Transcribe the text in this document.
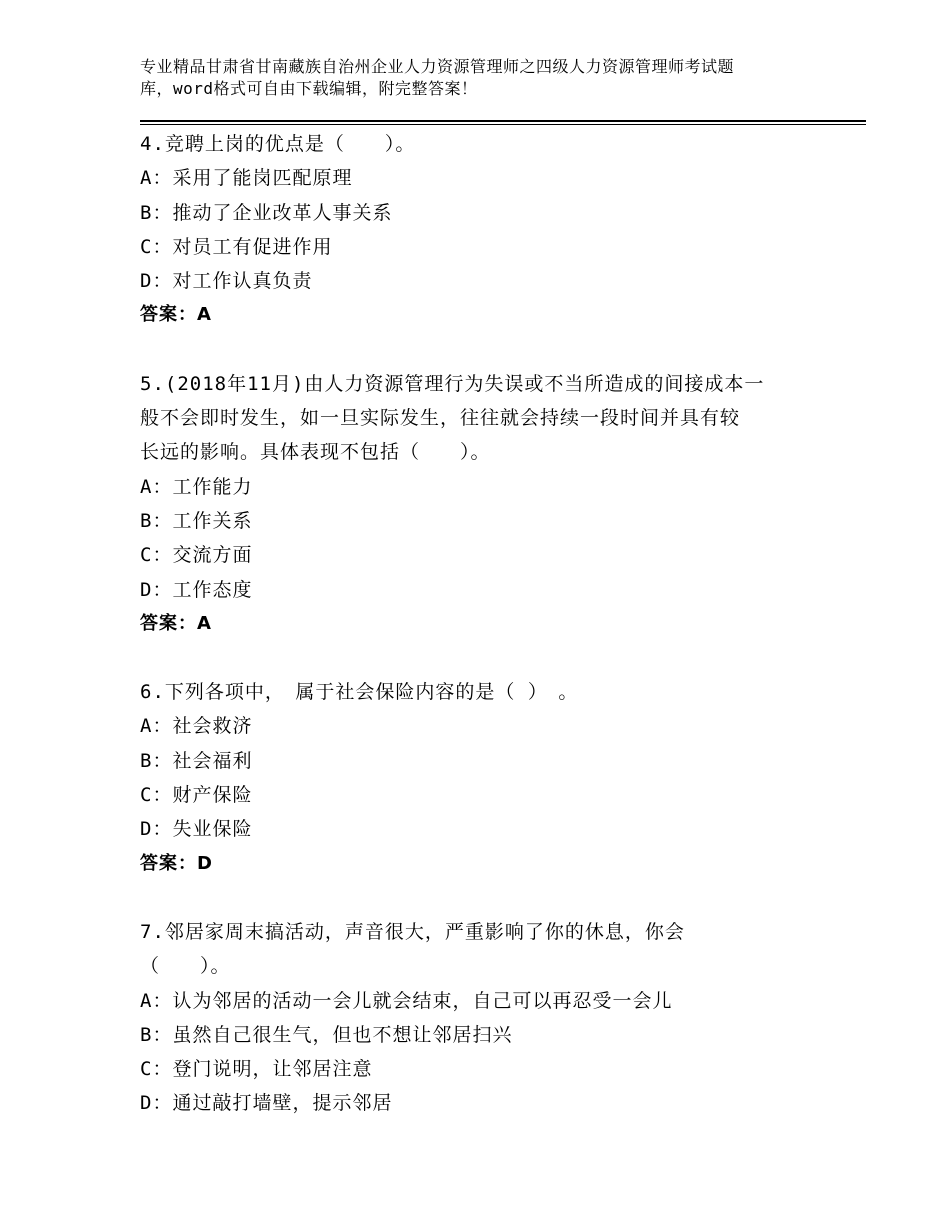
专业精品甘肃省甘南藏族自治州企业人力资源管理师之四级人力资源管理师考试题
库，word格式可自由下载编辑，附完整答案！
4.竞聘上岗的优点是（　　）。
A：采用了能岗匹配原理
B：推动了企业改革人事关系
C：对员工有促进作用
D：对工作认真负责
答案：A
5.(2018年11月)由人力资源管理行为失误或不当所造成的间接成本一
般不会即时发生，如一旦实际发生，往往就会持续一段时间并具有较
长远的影响。具体表现不包括（　　）。
A：工作能力
B：工作关系
C：交流方面
D：工作态度
答案：A
6.下列各项中，　属于社会保险内容的是（ ）　。
A：社会救济
B：社会福利
C：财产保险
D：失业保险
答案：D
7.邻居家周末搞活动，声音很大，严重影响了你的休息，你会
（　　）。
A：认为邻居的活动一会儿就会结束，自己可以再忍受一会儿
B：虽然自己很生气，但也不想让邻居扫兴
C：登门说明，让邻居注意
D：通过敲打墙壁，提示邻居
